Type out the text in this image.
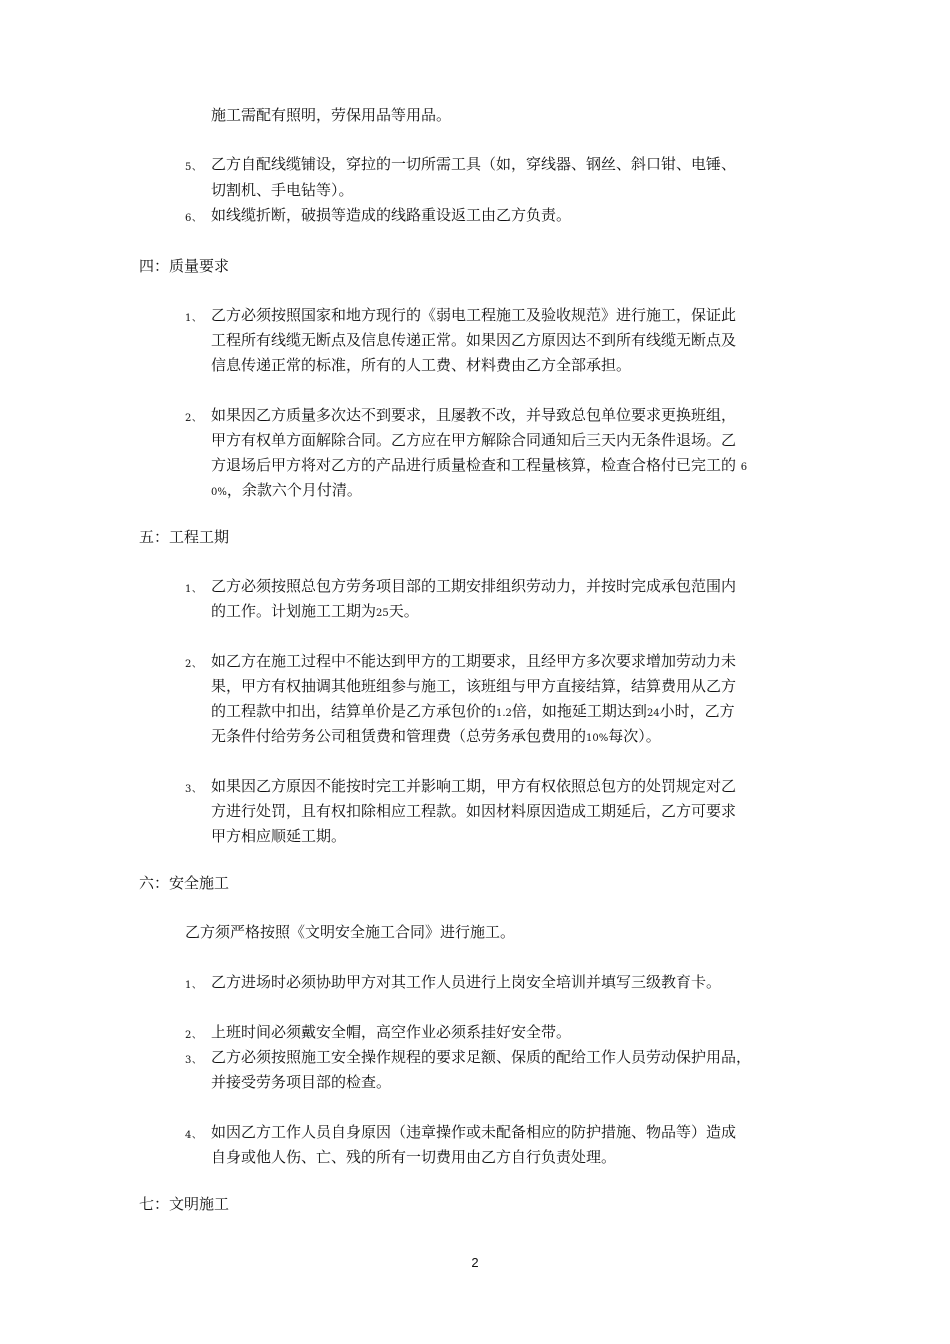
施工需配有照明，劳保用品等用品。
5、 乙方自配线缆铺设，穿拉的一切所需工具（如，穿线器、钢丝、斜口钳、电锤、
切割机、手电钻等）。
6、 如线缆折断，破损等造成的线路重设返工由乙方负责。
四：质量要求
1、 乙方必须按照国家和地方现行的《弱电工程施工及验收规范》进行施工，保证此
工程所有线缆无断点及信息传递正常。如果因乙方原因达不到所有线缆无断点及
信息传递正常的标准，所有的人工费、材料费由乙方全部承担。
2、 如果因乙方质量多次达不到要求，且屡教不改，并导致总包单位要求更换班组，
甲方有权单方面解除合同。乙方应在甲方解除合同通知后三天内无条件退场。乙
方退场后甲方将对乙方的产品进行质量检查和工程量核算，检查合格付已完工的 6
0%，余款六个月付清。
五：工程工期
1、 乙方必须按照总包方劳务项目部的工期安排组织劳动力，并按时完成承包范围内
的工作。计划施工工期为25天。
2、 如乙方在施工过程中不能达到甲方的工期要求，且经甲方多次要求增加劳动力未
果，甲方有权抽调其他班组参与施工，该班组与甲方直接结算，结算费用从乙方
的工程款中扣出，结算单价是乙方承包价的1.2倍，如拖延工期达到24小时，乙方
无条件付给劳务公司租赁费和管理费（总劳务承包费用的10%每次）。
3、 如果因乙方原因不能按时完工并影响工期，甲方有权依照总包方的处罚规定对乙
方进行处罚，且有权扣除相应工程款。如因材料原因造成工期延后，乙方可要求
甲方相应顺延工期。
六：安全施工
乙方须严格按照《文明安全施工合同》进行施工。
1、 乙方进场时必须协助甲方对其工作人员进行上岗安全培训并填写三级教育卡。
2、 上班时间必须戴安全帽，高空作业必须系挂好安全带。
3、 乙方必须按照施工安全操作规程的要求足额、保质的配给工作人员劳动保护用品，
并接受劳务项目部的检查。
4、 如因乙方工作人员自身原因（违章操作或未配备相应的防护措施、物品等）造成
自身或他人伤、亡、残的所有一切费用由乙方自行负责处理。
七：文明施工
2
